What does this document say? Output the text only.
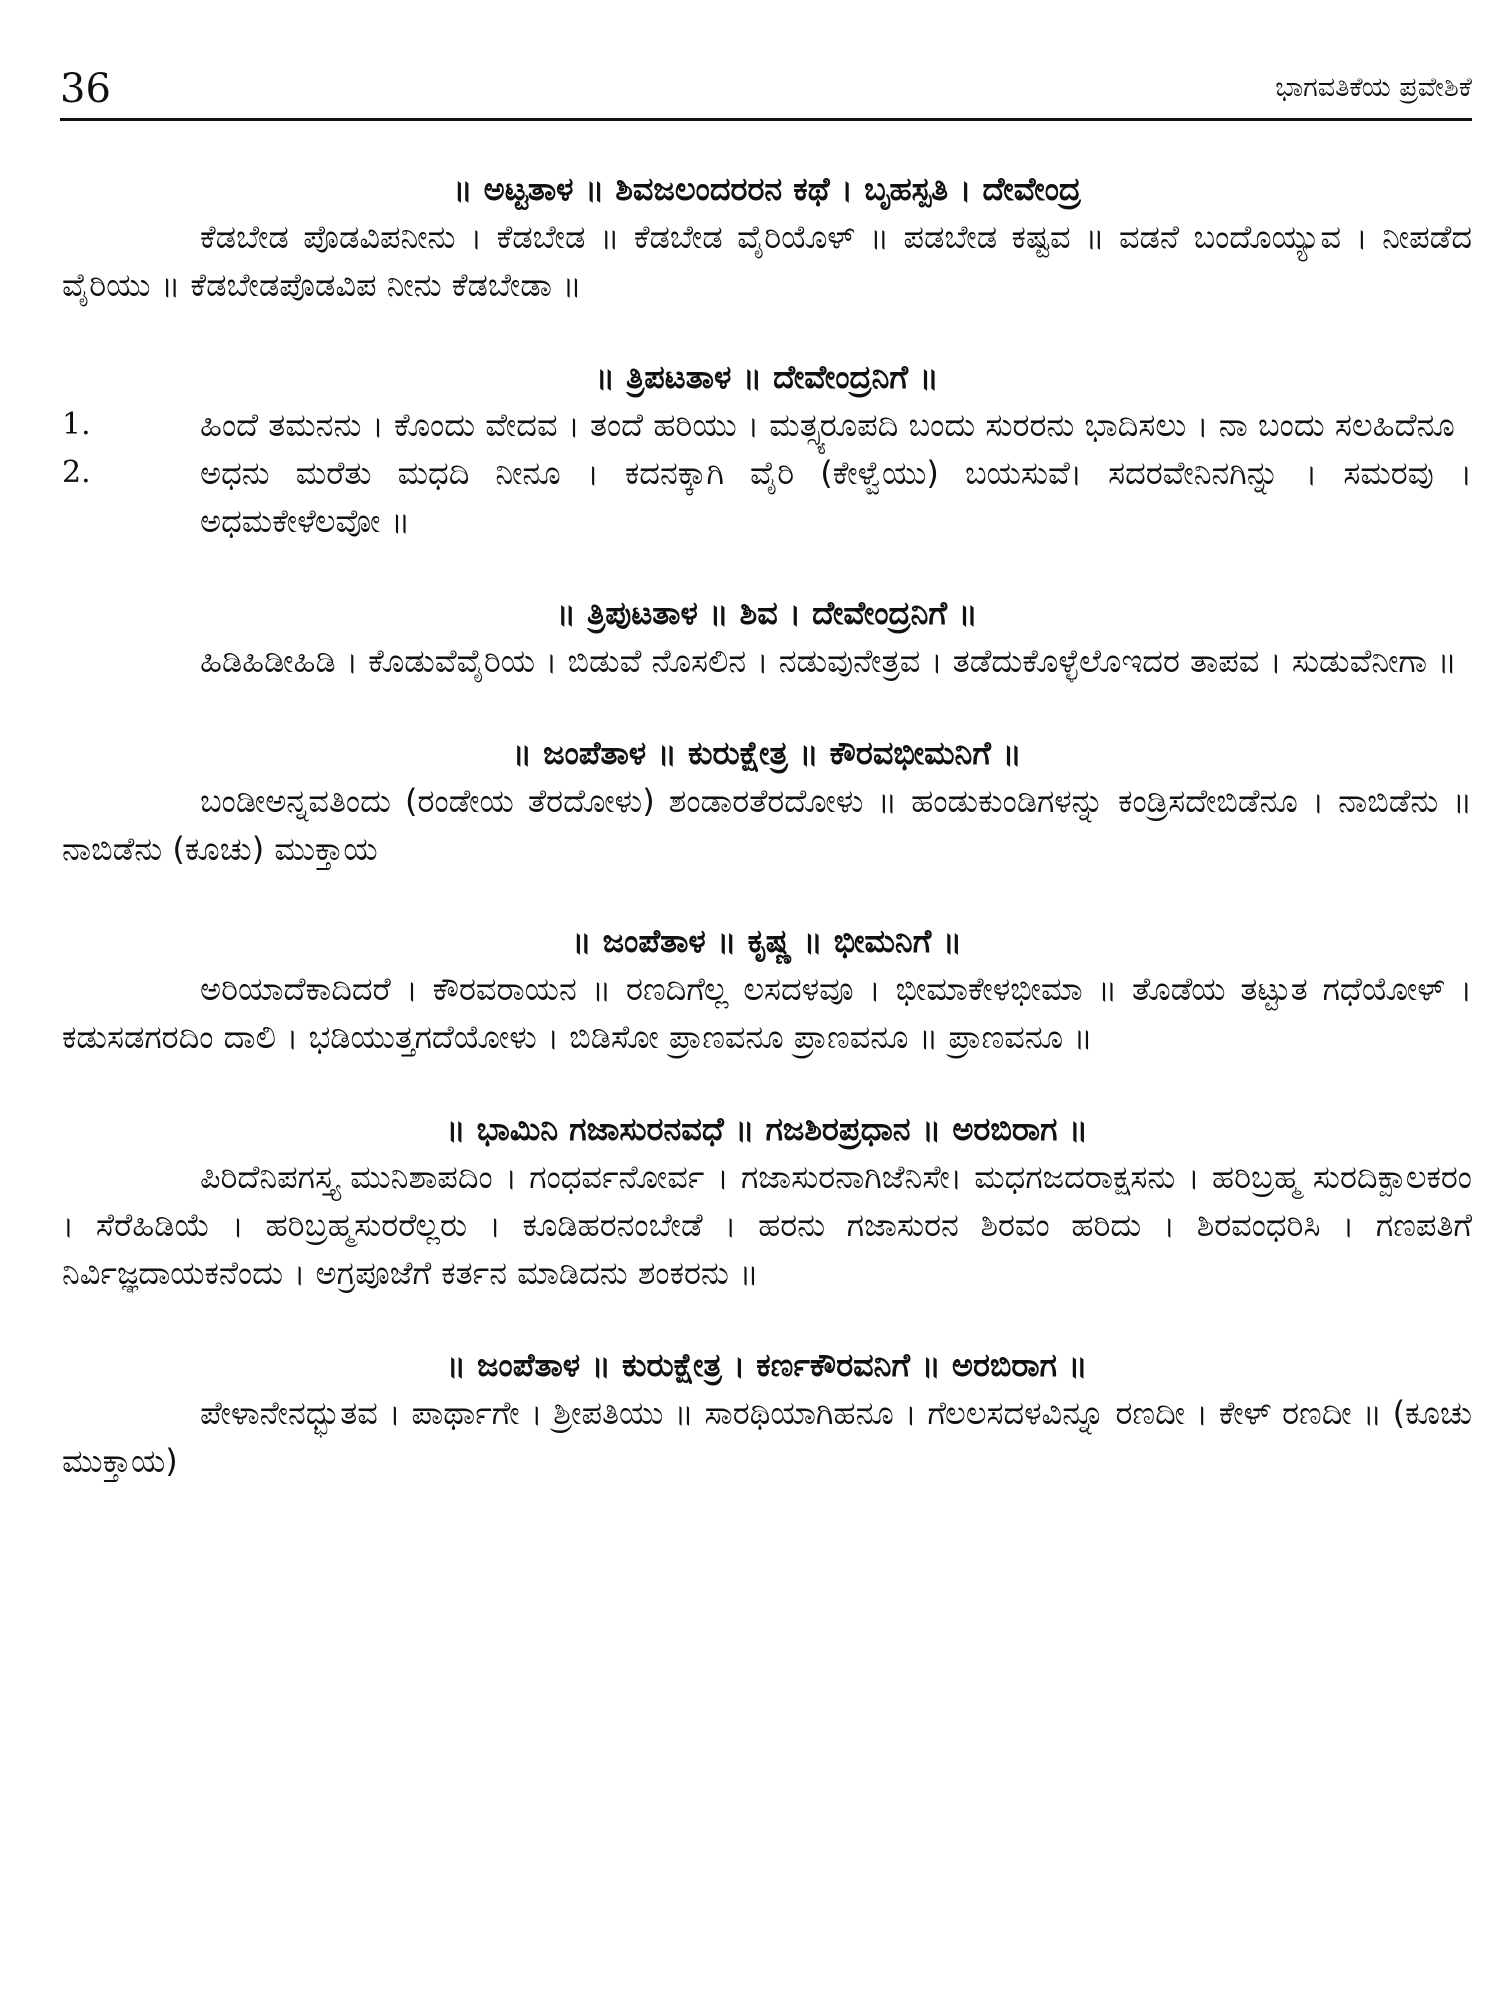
36	ಭಾಗವತಿಕೆಯ ಪ್ರವೇಶಿಕೆ

॥ ಅಟ್ಟತಾಳ ॥ ಶಿವಜಲಂದರರನ ಕಥೆ । ಬೃಹಸ್ಪತಿ । ದೇವೇಂದ್ರ

ಕೆಡಬೇಡ ಪೊಡವಿಪನೀನು । ಕೆಡಬೇಡ ॥ ಕೆಡಬೇಡ ವೈರಿಯೊಳ್ ॥ ಪಡಬೇಡ ಕಷ್ಟವ ॥ ವಡನೆ ಬಂದೊಯ್ಯುವ । ನೀಪಡೆದ ವೈರಿಯು ॥ ಕೆಡಬೇಡಪೊಡವಿಪ ನೀನು ಕೆಡಬೇಡಾ ॥

॥ ತ್ರಿಪಟತಾಳ ॥ ದೇವೇಂದ್ರನಿಗೆ ॥

1.	ಹಿಂದೆ ತಮನನು । ಕೊಂದು ವೇದವ । ತಂದೆ ಹರಿಯು । ಮತ್ಸ್ಯರೂಪದಿ ಬಂದು ಸುರರನು ಭಾದಿಸಲು । ನಾ ಬಂದು ಸಲಹಿದೆನೂ
2.	ಅಧನು ಮರೆತು ಮಧದಿ ನೀನೂ । ಕದನಕ್ಕಾಗಿ ವೈರಿ (ಕೇಳ್ವೆಯು) ಬಯಸುವೆ। ಸದರವೇನಿನಗಿನ್ನು । ಸಮರವು । ಅಧಮಕೇಳೆಲವೋ ॥

॥ ತ್ರಿಪುಟತಾಳ ॥ ಶಿವ । ದೇವೇಂದ್ರನಿಗೆ ॥

ಹಿಡಿಹಿಡೀಹಿಡಿ । ಕೊಡುವೆವೈರಿಯ । ಬಿಡುವೆ ನೊಸಲಿನ । ನಡುವುನೇತ್ರವ । ತಡೆದುಕೊಳ್ಳೆಲೊಇದರ ತಾಪವ । ಸುಡುವೆನೀಗಾ ॥

॥ ಜಂಪೆತಾಳ ॥ ಕುರುಕ್ಷೇತ್ರ ॥ ಕೌರವಭೀಮನಿಗೆ ॥

ಬಂಡೀಅನ್ನವತಿಂದು (ರಂಡೇಯ ತೆರದೋಳು) ಶಂಡಾರತೆರದೋಳು ॥ ಹಂಡುಕುಂಡಿಗಳನ್ನು ಕಂಡ್ರಿಸದೇಬಿಡೆನೂ । ನಾಬಿಡೆನು ॥ ನಾಬಿಡೆನು (ಕೂಚು) ಮುಕ್ತಾಯ

॥ ಜಂಪೆತಾಳ ॥ ಕೃಷ್ಣ ॥ ಭೀಮನಿಗೆ ॥

ಅರಿಯಾದೆಕಾದಿದರೆ । ಕೌರವರಾಯನ ॥ ರಣದಿಗೆಲ್ಲ ಲಸದಳವೂ । ಭೀಮಾಕೇಳಭೀಮಾ ॥ ತೊಡೆಯ ತಟ್ಟುತ ಗಧೆಯೋಳ್ । ಕಡುಸಡಗರದಿಂ ದಾಲಿ । ಭಡಿಯುತ್ತಗದೆಯೋಳು । ಬಿಡಿಸೋ ಪ್ರಾಣವನೂ ಪ್ರಾಣವನೂ ॥ ಪ್ರಾಣವನೂ ॥

॥ ಭಾಮಿನಿ ಗಜಾಸುರನವಧೆ ॥ ಗಜಶಿರಪ್ರಧಾನ ॥ ಅರಬಿರಾಗ ॥

ಪಿರಿದೆನಿಪಗಸ್ತ್ಯ ಮುನಿಶಾಪದಿಂ । ಗಂಧರ್ವನೋರ್ವ । ಗಜಾಸುರನಾಗಿಜೆನಿಸೇ। ಮಧಗಜದರಾಕ್ಷಸನು । ಹರಿಬ್ರಹ್ಮ ಸುರದಿಕ್ಪಾಲಕರಂ । ಸೆರೆಹಿಡಿಯೆ । ಹರಿಬ್ರಹ್ಮಸುರರೆಲ್ಲರು । ಕೂಡಿಹರನಂಬೇಡೆ । ಹರನು ಗಜಾಸುರನ ಶಿರವಂ ಹರಿದು । ಶಿರವಂಧರಿಸಿ । ಗಣಪತಿಗೆ ನಿರ್ವಿಜ್ಞದಾಯಕನೆಂದು । ಅಗ್ರಪೂಜೆಗೆ ಕರ್ತನ ಮಾಡಿದನು ಶಂಕರನು ॥

॥ ಜಂಪೆತಾಳ ॥ ಕುರುಕ್ಷೇತ್ರ । ಕರ್ಣಕೌರವನಿಗೆ ॥ ಅರಬಿರಾಗ ॥

ಪೇಳಾನೇನಧ್ಭುತವ । ಪಾರ್ಥಾಗೇ । ಶ್ರೀಪತಿಯು ॥ ಸಾರಥಿಯಾಗಿಹನೂ । ಗೆಲಲಸದಳವಿನ್ನೂ ರಣದೀ । ಕೇಳ್ ರಣದೀ ॥ (ಕೂಚು ಮುಕ್ತಾಯ)
